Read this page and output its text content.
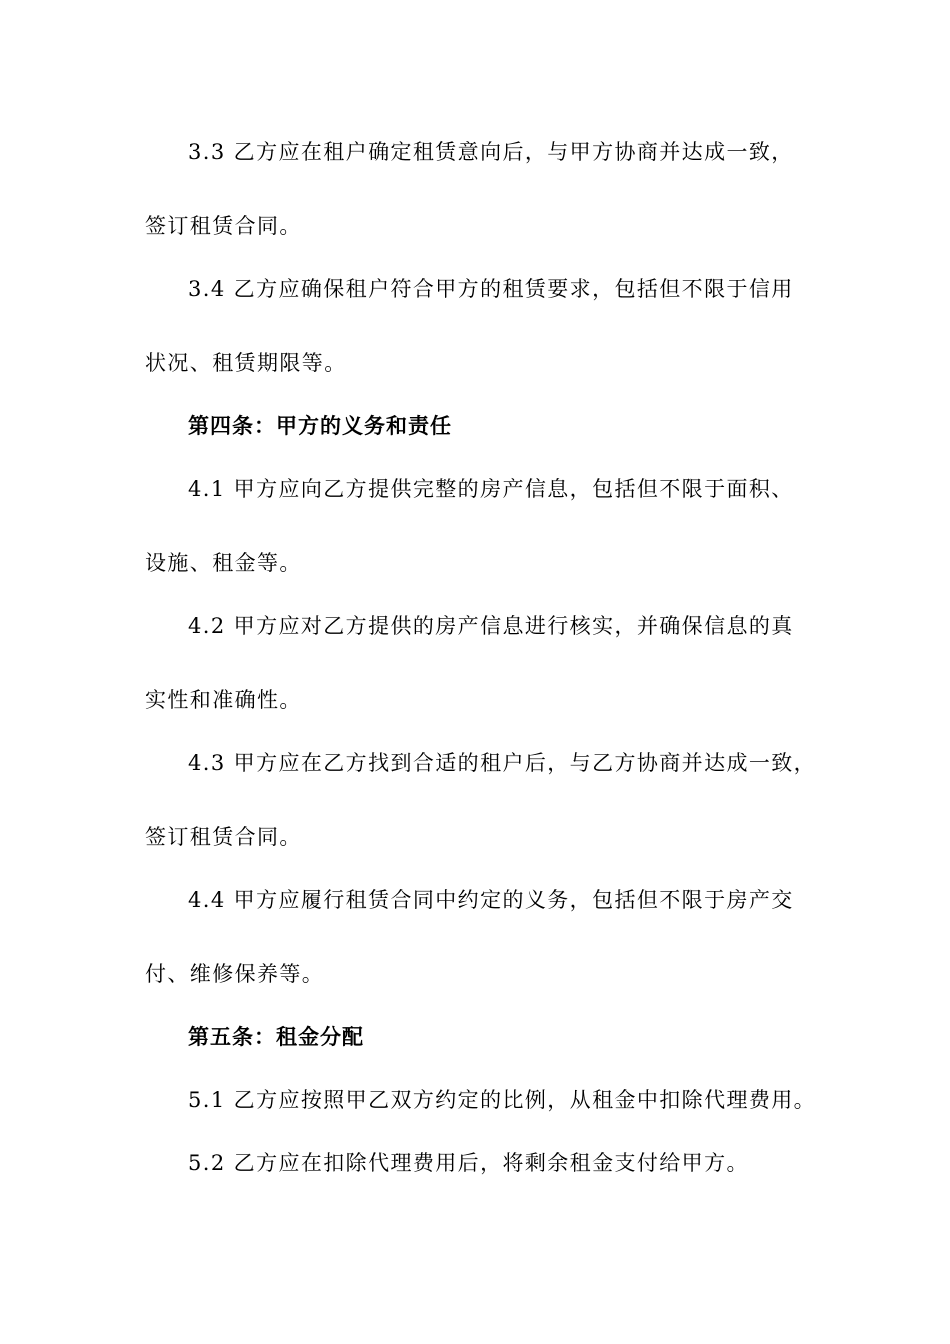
3.3 乙方应在租户确定租赁意向后，与甲方协商并达成一致，
签订租赁合同。
3.4 乙方应确保租户符合甲方的租赁要求，包括但不限于信用
状况、租赁期限等。
第四条：甲方的义务和责任
4.1 甲方应向乙方提供完整的房产信息，包括但不限于面积、
设施、租金等。
4.2 甲方应对乙方提供的房产信息进行核实，并确保信息的真
实性和准确性。
4.3 甲方应在乙方找到合适的租户后，与乙方协商并达成一致，
签订租赁合同。
4.4 甲方应履行租赁合同中约定的义务，包括但不限于房产交
付、维修保养等。
第五条：租金分配
5.1 乙方应按照甲乙双方约定的比例，从租金中扣除代理费用。
5.2 乙方应在扣除代理费用后，将剩余租金支付给甲方。
